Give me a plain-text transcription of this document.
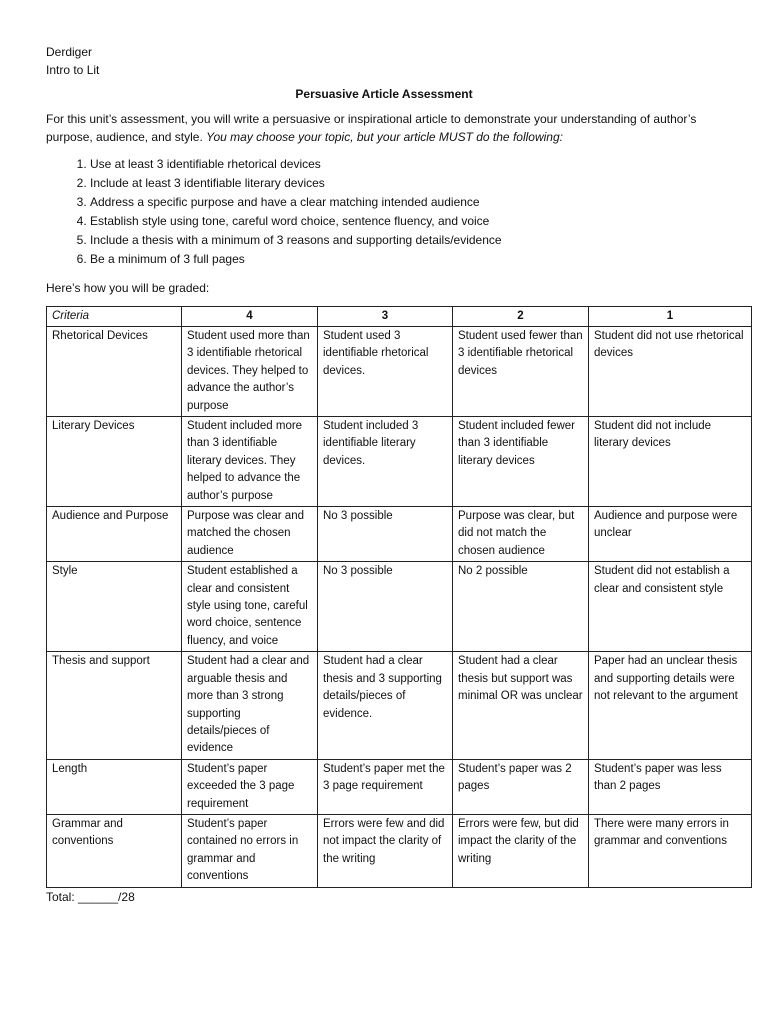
Derdiger
Intro to Lit
Persuasive Article Assessment

For this unit’s assessment, you will write a persuasive or inspirational article to demonstrate your understanding of author’s purpose, audience, and style. You may choose your topic, but your article MUST do the following:

1. Use at least 3 identifiable rhetorical devices
2. Include at least 3 identifiable literary devices
3. Address a specific purpose and have a clear matching intended audience
4. Establish style using tone, careful word choice, sentence fluency, and voice
5. Include a thesis with a minimum of 3 reasons and supporting details/evidence
6. Be a minimum of 3 full pages

Here’s how you will be graded:

Criteria	4	3	2	1
Rhetorical Devices	Student used more than 3 identifiable rhetorical devices. They helped to advance the author’s purpose	Student used 3 identifiable rhetorical devices.	Student used fewer than 3 identifiable rhetorical devices	Student did not use rhetorical devices
Literary Devices	Student included more than 3 identifiable literary devices. They helped to advance the author’s purpose	Student included 3 identifiable literary devices.	Student included fewer than 3 identifiable literary devices	Student did not include literary devices
Audience and Purpose	Purpose was clear and matched the chosen audience	No 3 possible	Purpose was clear, but did not match the chosen audience	Audience and purpose were unclear
Style	Student established a clear and consistent style using tone, careful word choice, sentence fluency, and voice	No 3 possible	No 2 possible	Student did not establish a clear and consistent style
Thesis and support	Student had a clear and arguable thesis and more than 3 strong supporting details/pieces of evidence	Student had a clear thesis and 3 supporting details/pieces of evidence.	Student had a clear thesis but support was minimal OR was unclear	Paper had an unclear thesis and supporting details were not relevant to the argument
Length	Student’s paper exceeded the 3 page requirement	Student’s paper met the 3 page requirement	Student’s paper was 2 pages	Student’s paper was less than 2 pages
Grammar and conventions	Student’s paper contained no errors in grammar and conventions	Errors were few and did not impact the clarity of the writing	Errors were few, but did impact the clarity of the writing	There were many errors in grammar and conventions
Total: ______/28
